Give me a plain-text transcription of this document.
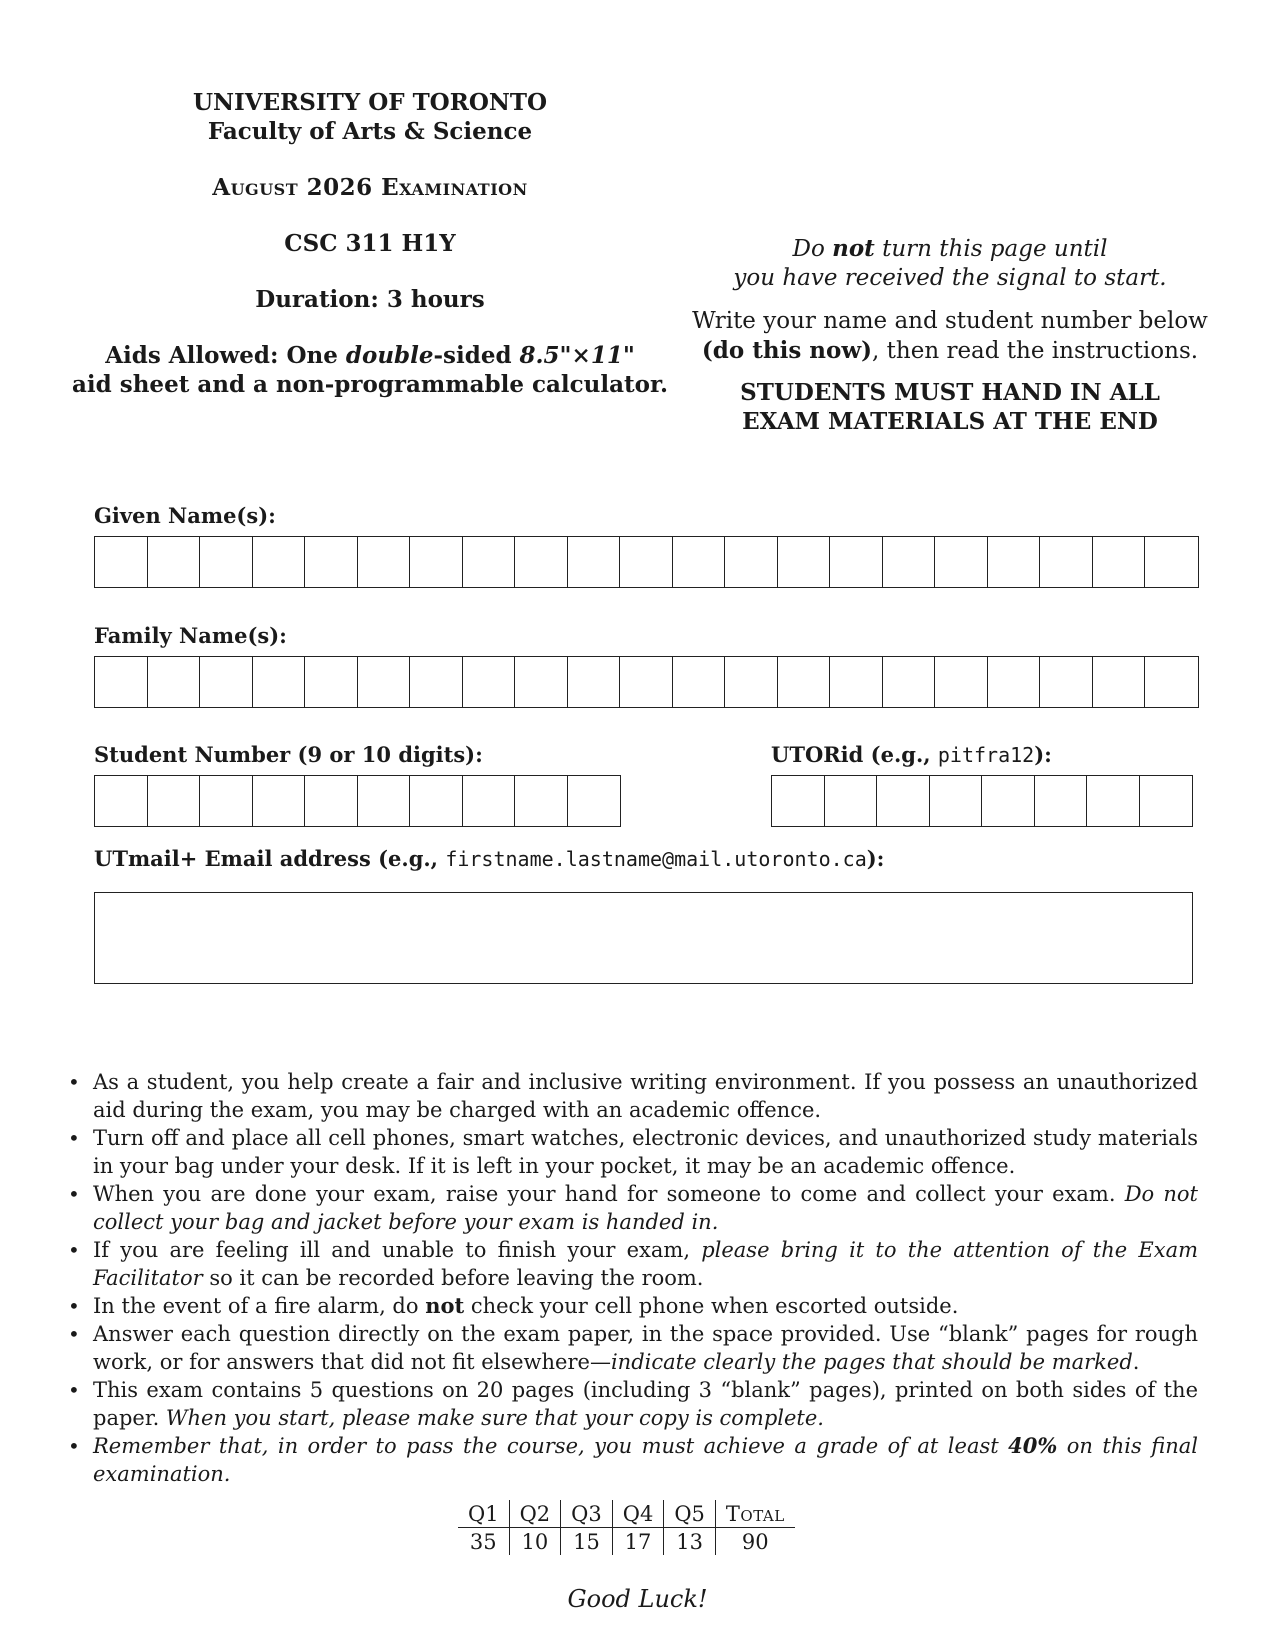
UNIVERSITY OF TORONTO
Faculty of Arts & Science
August 2026 Examination
CSC 311 H1Y
Duration: 3 hours
Aids Allowed: One double-sided 8.5"×11"
aid sheet and a non-programmable calculator.
Do not turn this page until
you have received the signal to start.
Write your name and student number below
(do this now), then read the instructions.
STUDENTS MUST HAND IN ALL
EXAM MATERIALS AT THE END
Given Name(s):
Family Name(s):
Student Number (9 or 10 digits):	UTORid (e.g., pitfra12):
UTmail+ Email address (e.g., firstname.lastname@mail.utoronto.ca):
• As a student, you help create a fair and inclusive writing environment. If you possess an unauthorized aid during the exam, you may be charged with an academic offence.
• Turn off and place all cell phones, smart watches, electronic devices, and unauthorized study materials in your bag under your desk. If it is left in your pocket, it may be an academic offence.
• When you are done your exam, raise your hand for someone to come and collect your exam. Do not collect your bag and jacket before your exam is handed in.
• If you are feeling ill and unable to finish your exam, please bring it to the attention of the Exam Facilitator so it can be recorded before leaving the room.
• In the event of a fire alarm, do not check your cell phone when escorted outside.
• Answer each question directly on the exam paper, in the space provided. Use “blank” pages for rough work, or for answers that did not fit elsewhere—indicate clearly the pages that should be marked.
• This exam contains 5 questions on 20 pages (including 3 “blank” pages), printed on both sides of the paper. When you start, please make sure that your copy is complete.
• Remember that, in order to pass the course, you must achieve a grade of at least 40% on this final examination.
Q1	Q2	Q3	Q4	Q5	Total
35	10	15	17	13	90
Good Luck!
